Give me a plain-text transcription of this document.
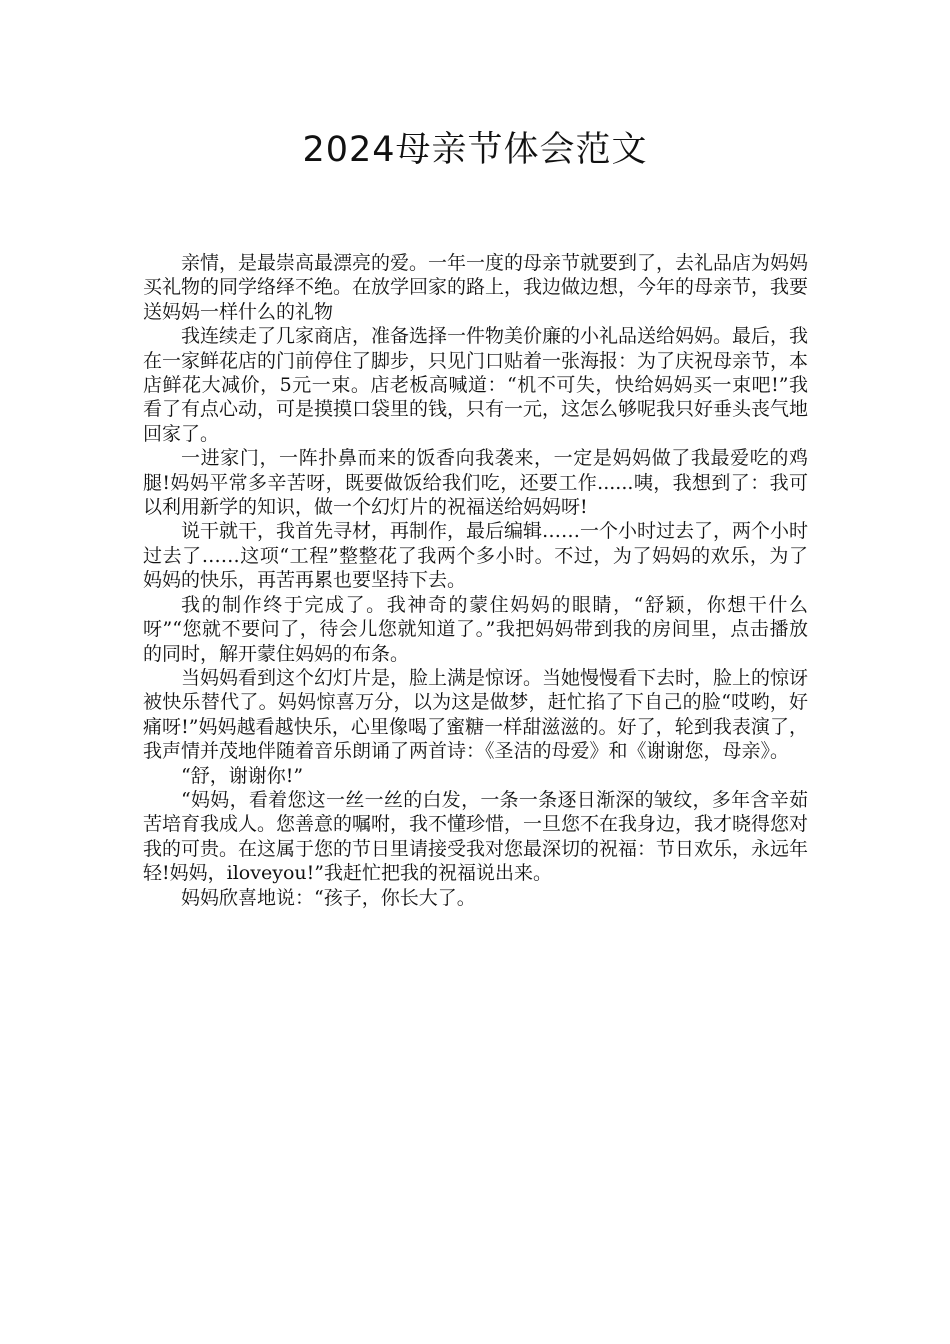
2024母亲节体会范文

亲情，是最崇高最漂亮的爱。一年一度的母亲节就要到了，去礼品店为妈妈买礼物的同学络绎不绝。在放学回家的路上，我边做边想，今年的母亲节，我要送妈妈一样什么的礼物

我连续走了几家商店，准备选择一件物美价廉的小礼品送给妈妈。最后，我在一家鲜花店的门前停住了脚步，只见门口贴着一张海报：为了庆祝母亲节，本店鲜花大减价，5元一束。店老板高喊道：“机不可失，快给妈妈买一束吧!”我看了有点心动，可是摸摸口袋里的钱，只有一元，这怎么够呢我只好垂头丧气地回家了。

一进家门，一阵扑鼻而来的饭香向我袭来，一定是妈妈做了我最爱吃的鸡腿!妈妈平常多辛苦呀，既要做饭给我们吃，还要工作......咦，我想到了：我可以利用新学的知识，做一个幻灯片的祝福送给妈妈呀!

说干就干，我首先寻材，再制作，最后编辑……一个小时过去了，两个小时过去了……这项“工程”整整花了我两个多小时。不过，为了妈妈的欢乐，为了妈妈的快乐，再苦再累也要坚持下去。

我的制作终于完成了。我神奇的蒙住妈妈的眼睛，“舒颖，你想干什么呀”“您就不要问了，待会儿您就知道了。”我把妈妈带到我的房间里，点击播放的同时，解开蒙住妈妈的布条。

当妈妈看到这个幻灯片是，脸上满是惊讶。当她慢慢看下去时，脸上的惊讶被快乐替代了。妈妈惊喜万分，以为这是做梦，赶忙掐了下自己的脸“哎哟，好痛呀!”妈妈越看越快乐，心里像喝了蜜糖一样甜滋滋的。好了，轮到我表演了，我声情并茂地伴随着音乐朗诵了两首诗：《圣洁的母爱》和《谢谢您，母亲》。

“舒，谢谢你!”

“妈妈，看着您这一丝一丝的白发，一条一条逐日渐深的皱纹，多年含辛茹苦培育我成人。您善意的嘱咐，我不懂珍惜，一旦您不在我身边，我才晓得您对我的可贵。在这属于您的节日里请接受我对您最深切的祝福：节日欢乐，永远年轻!妈妈，iloveyou!”我赶忙把我的祝福说出来。

妈妈欣喜地说：“孩子，你长大了。
